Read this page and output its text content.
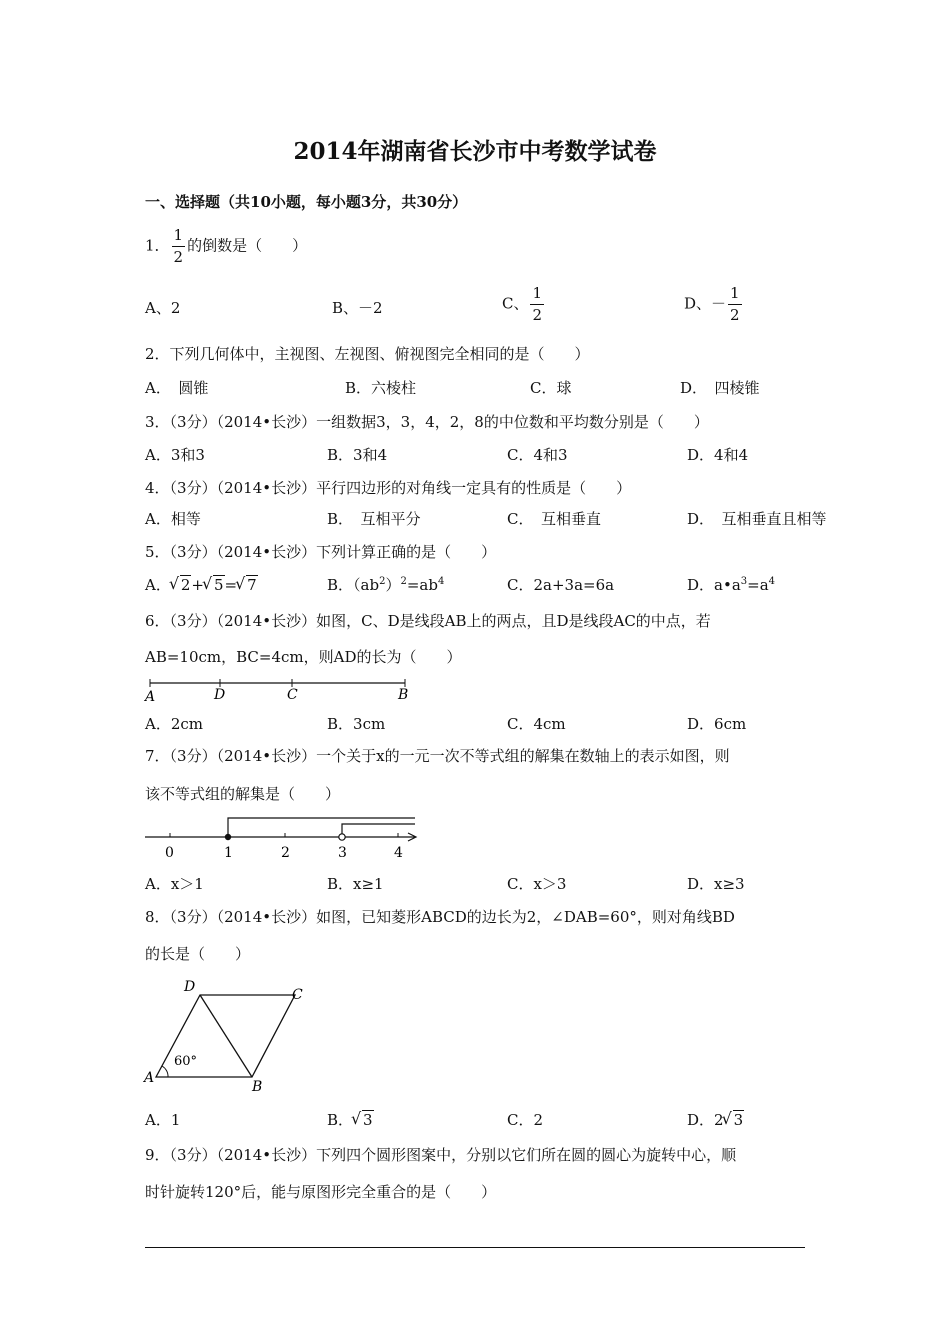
2014年湖南省长沙市中考数学试卷
一、选择题（共10小题，每小题3分，共30分）
1． $\frac{1}{2}$ 的倒数是（　　）
A、2	B、－2	C、 $\frac{1}{2}$	D、－ $\frac{1}{2}$
2．下列几何体中，主视图、左视图、俯视图完全相同的是（　　）
A．　圆锥	B．六棱柱	C．球	D．　四棱锥
3．（3分）（2014•长沙）一组数据3，3，4，2，8的中位数和平均数分别是（　　）
A．3和3	B．3和4	C．4和3	D．4和4
4．（3分）（2014•长沙）平行四边形的对角线一定具有的性质是（　　）
A．相等	B．　互相平分	C．　互相垂直	D．　互相垂直且相等
5．（3分）（2014•长沙）下列计算正确的是（　　）
A． √ 2+ √ 5= √ 7	B．$(ab^2)^2=ab^4$	C．2a+3a=6a	D．$a•a^3=a^4$
6．（3分）（2014•长沙）如图，C、D是线段AB上的两点，且D是线段AC的中点，若
AB=10cm，BC=4cm，则AD的长为（　　）
A	D	C	B
A．2cm	B．3cm	C．4cm	D．6cm
7．（3分）（2014•长沙）一个关于x的一元一次不等式组的解集在数轴上的表示如图，则
该不等式组的解集是（　　）
0	1	2	3	4
A．x＞1	B．x≥1	C．x＞3	D．x≥3
8．（3分）（2014•长沙）如图，已知菱形ABCD的边长为2，∠DAB=60°，则对角线BD
的长是（　　）
A
B
C
D
60°
A．1	B． √ 3	C．2	D．2 √ 3
9．（3分）（2014•长沙）下列四个圆形图案中，分别以它们所在圆的圆心为旋转中心，顺
时针旋转120°后，能与原图形完全重合的是（　　）
